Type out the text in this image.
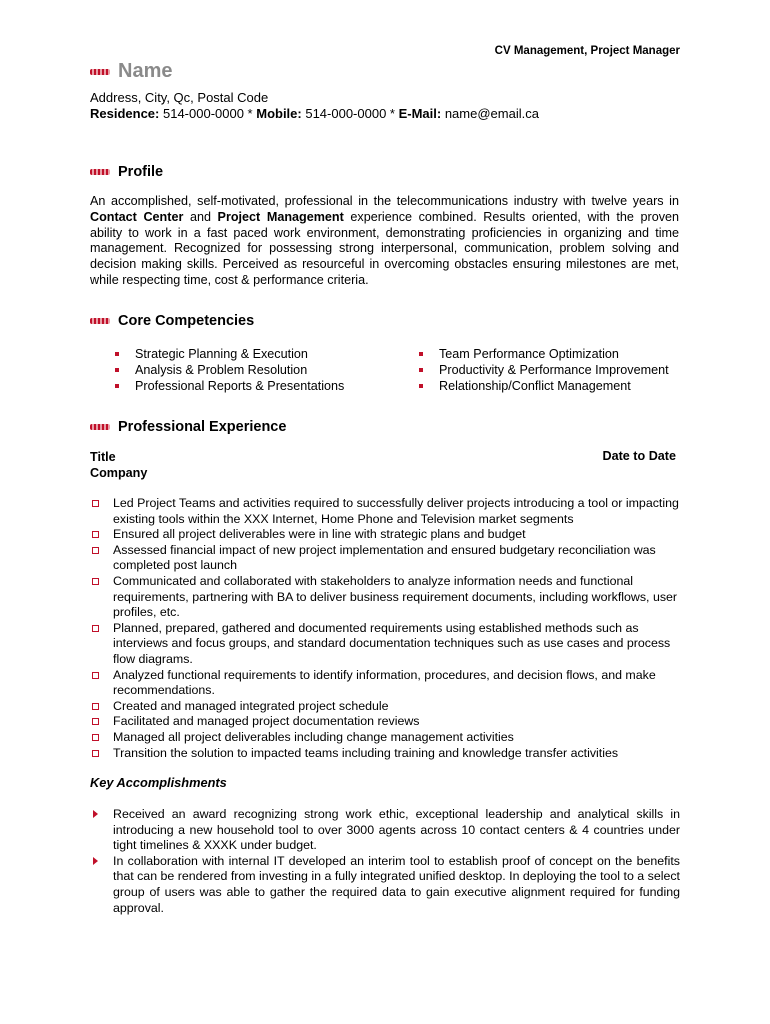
CV Management, Project Manager
Name
Address, City, Qc, Postal Code
Residence: 514-000-0000 * Mobile: 514-000-0000 * E-Mail: name@email.ca
Profile
An accomplished, self-motivated, professional in the telecommunications industry with twelve years in Contact Center and Project Management experience combined. Results oriented, with the proven ability to work in a fast paced work environment, demonstrating proficiencies in organizing and time management. Recognized for possessing strong interpersonal, communication, problem solving and decision making skills. Perceived as resourceful in overcoming obstacles ensuring milestones are met, while respecting time, cost & performance criteria.
Core Competencies
Strategic Planning & Execution
Analysis & Problem Resolution
Professional Reports & Presentations
Team Performance Optimization
Productivity & Performance Improvement
Relationship/Conflict Management
Professional Experience
Title
Company
Date to Date
Led Project Teams and activities required to successfully deliver projects introducing a tool or impacting existing tools within the XXX Internet, Home Phone and Television market segments
Ensured all project deliverables were in line with strategic plans and budget
Assessed financial impact of new project implementation and ensured budgetary reconciliation was completed post launch
Communicated and collaborated with stakeholders to analyze information needs and functional requirements, partnering with BA to deliver business requirement documents, including workflows, user profiles, etc.
Planned, prepared, gathered and documented requirements using established methods such as interviews and focus groups, and standard documentation techniques such as use cases and process flow diagrams.
Analyzed functional requirements to identify information, procedures, and decision flows, and make recommendations.
Created and managed integrated project schedule
Facilitated and managed project documentation reviews
Managed all project deliverables including change management activities
Transition the solution to impacted teams including training and knowledge transfer activities
Key Accomplishments
Received an award recognizing strong work ethic, exceptional leadership and analytical skills in introducing a new household tool to over 3000 agents across 10 contact centers & 4 countries under tight timelines & XXXK under budget.
In collaboration with internal IT developed an interim tool to establish proof of concept on the benefits that can be rendered from investing in a fully integrated unified desktop. In deploying the tool to a select group of users was able to gather the required data to gain executive alignment required for funding approval.
